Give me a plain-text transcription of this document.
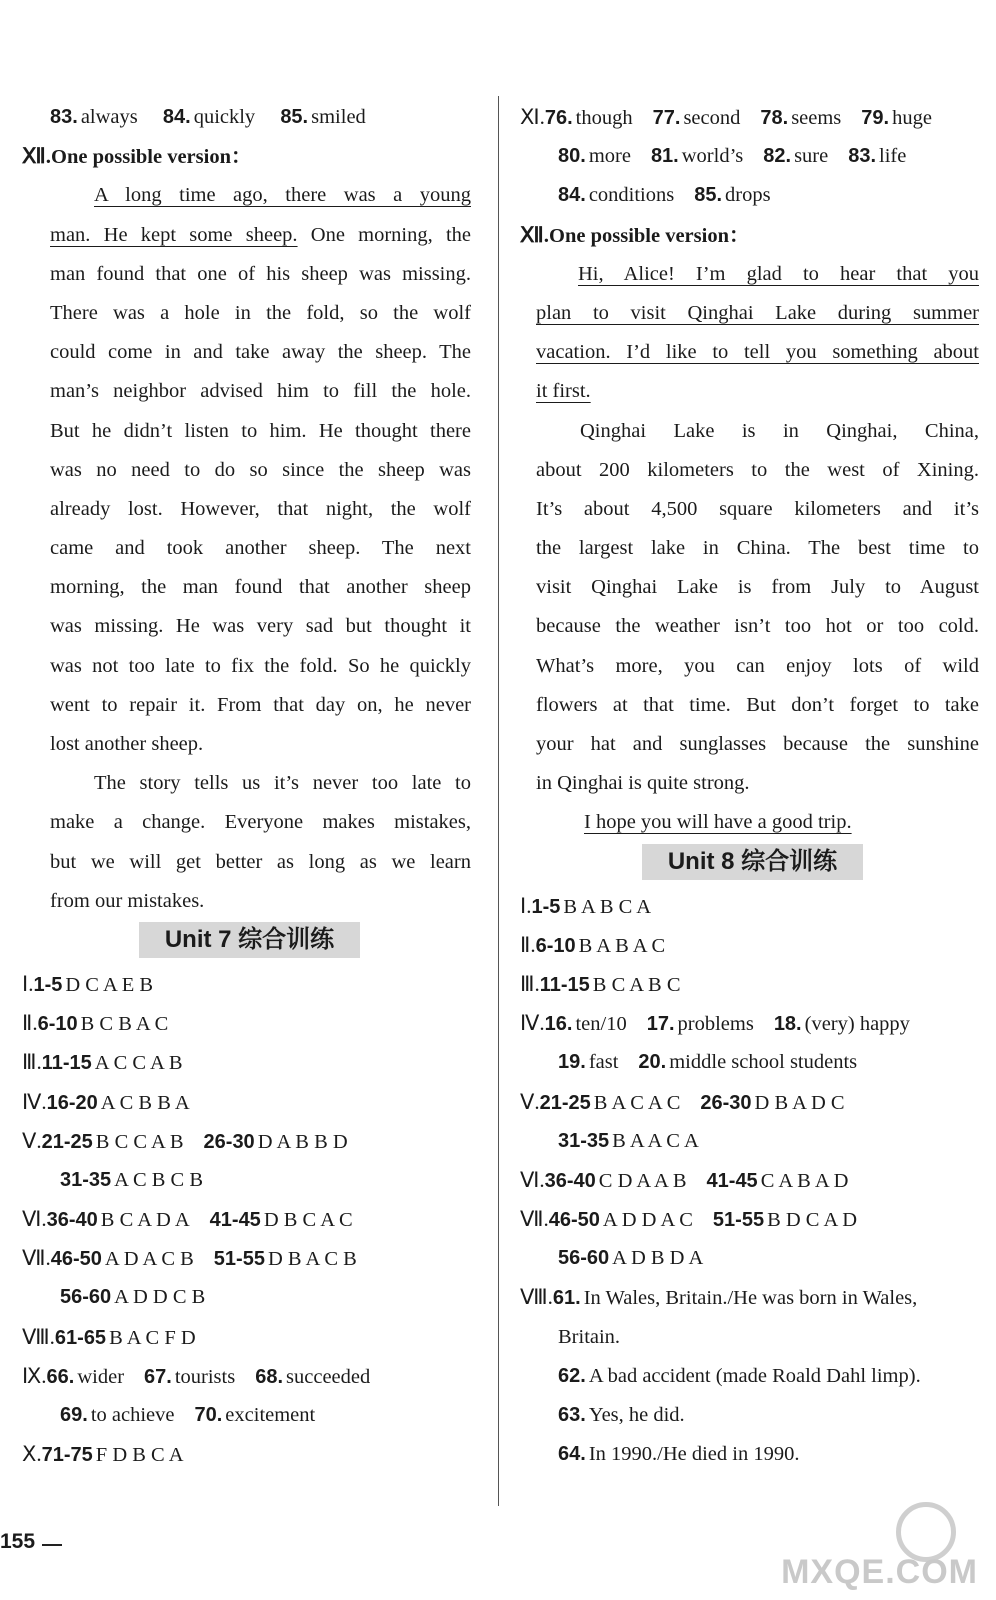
83. always 84. quickly 85. smiled
Ⅻ.One possible version：
A long time ago, there was a young
man. He kept some sheep. One morning, the
man found that one of his sheep was missing.
There was a hole in the fold, so the wolf
could come in and take away the sheep. The
man’s neighbor advised him to fill the hole.
But he didn’t listen to him. He thought there
was no need to do so since the sheep was
already lost. However, that night, the wolf
came and took another sheep. The next
morning, the man found that another sheep
was missing. He was very sad but thought it
was not too late to fix the fold. So he quickly
went to repair it. From that day on, he never
lost another sheep.
The story tells us it’s never too late to
make a change. Everyone makes mistakes,
but we will get better as long as we learn
from our mistakes.
Unit 7 综合训练
Ⅰ.1-5 D C A E B
Ⅱ.6-10 B C B A C
Ⅲ.11-15 A C C A B
Ⅳ.16-20 A C B B A
Ⅴ.21-25 B C C A B 26-30 D A B B D
31-35 A C B C B
Ⅵ.36-40 B C A D A 41-45 D B C A C
Ⅶ.46-50 A D A C B 51-55 D B A C B
56-60 A D D C B
Ⅷ.61-65 B A C F D
Ⅸ.66. wider 67. tourists 68. succeeded
69. to achieve 70. excitement
Ⅹ.71-75 F D B C A
Ⅺ.76. though 77. second 78. seems 79. huge
80. more 81. world’s 82. sure 83. life
84. conditions 85. drops
Ⅻ.One possible version：
Hi, Alice! I’m glad to hear that you
plan to visit Qinghai Lake during summer
vacation. I’d like to tell you something about
it first.
Qinghai Lake is in Qinghai, China,
about 200 kilometers to the west of Xining.
It’s about 4,500 square kilometers and it’s
the largest lake in China. The best time to
visit Qinghai Lake is from July to August
because the weather isn’t too hot or too cold.
What’s more, you can enjoy lots of wild
flowers at that time. But don’t forget to take
your hat and sunglasses because the sunshine
in Qinghai is quite strong.
I hope you will have a good trip.
Unit 8 综合训练
Ⅰ.1-5 B A B C A
Ⅱ.6-10 B A B A C
Ⅲ.11-15 B C A B C
Ⅳ.16. ten/10 17. problems 18. (very) happy
19. fast 20. middle school students
Ⅴ.21-25 B A C A C 26-30 D B A D C
31-35 B A A C A
Ⅵ.36-40 C D A A B 41-45 C A B A D
Ⅶ.46-50 A D D A C 51-55 B D C A D
56-60 A D B D A
Ⅷ.61. In Wales, Britain./He was born in Wales,
Britain.
62. A bad accident (made Roald Dahl limp).
63. Yes, he did.
64. In 1990./He died in 1990.
155
MXQE.COM
